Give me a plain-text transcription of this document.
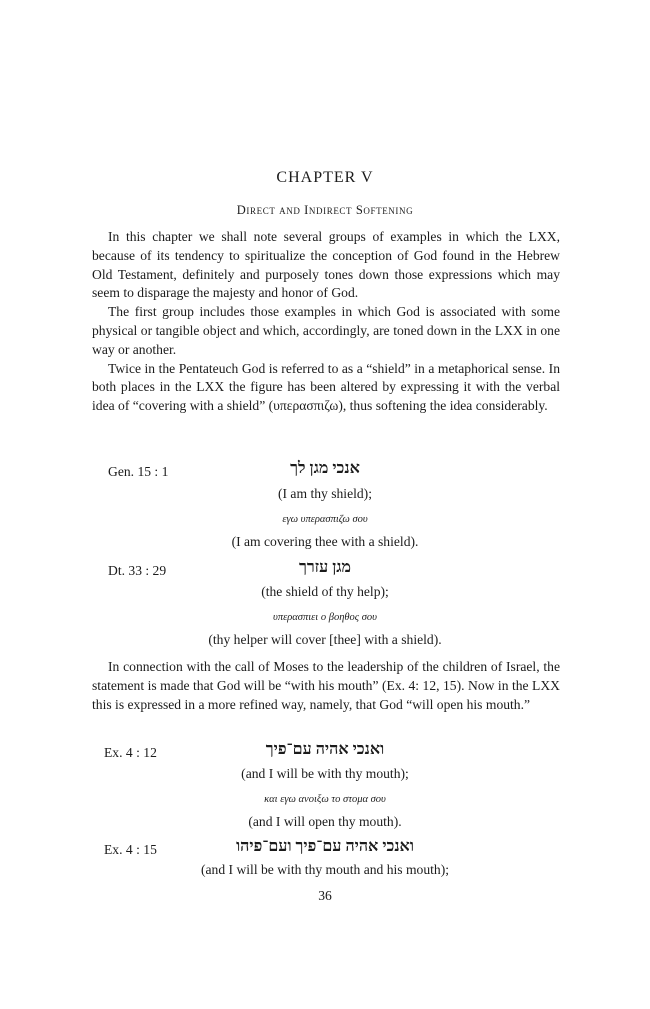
CHAPTER V
Direct and Indirect Softening

In this chapter we shall note several groups of examples in which the LXX, because of its tendency to spiritualize the conception of God found in the Hebrew Old Testament, definitely and purposely tones down those expressions which may seem to disparage the majesty and honor of God.

The first group includes those examples in which God is associated with some physical or tangible object and which, accordingly, are toned down in the LXX in one way or another.

Twice in the Pentateuch God is referred to as a “shield” in a metaphorical sense. In both places in the LXX the figure has been altered by expressing it with the verbal idea of “covering with a shield” (υπερασπιζω), thus softening the idea considerably.

Gen. 15 : 1	אנכי מגן לך
(I am thy shield);
εγω υπερασπιζω σου
(I am covering thee with a shield).
Dt. 33 : 29	מגן עזרך
(the shield of thy help);
υπερασπιει ο βοηθος σου
(thy helper will cover [thee] with a shield).

In connection with the call of Moses to the leadership of the children of Israel, the statement is made that God will be “with his mouth” (Ex. 4: 12, 15). Now in the LXX this is expressed in a more refined way, namely, that God “will open his mouth.”

Ex. 4 : 12	ואנכי אהיה עם־פיך
(and I will be with thy mouth);
και εγω ανοιξω το στομα σου
(and I will open thy mouth).
Ex. 4 : 15	ואנכי אהיה עם־פיך ועם־פיהו
(and I will be with thy mouth and his mouth);
36
